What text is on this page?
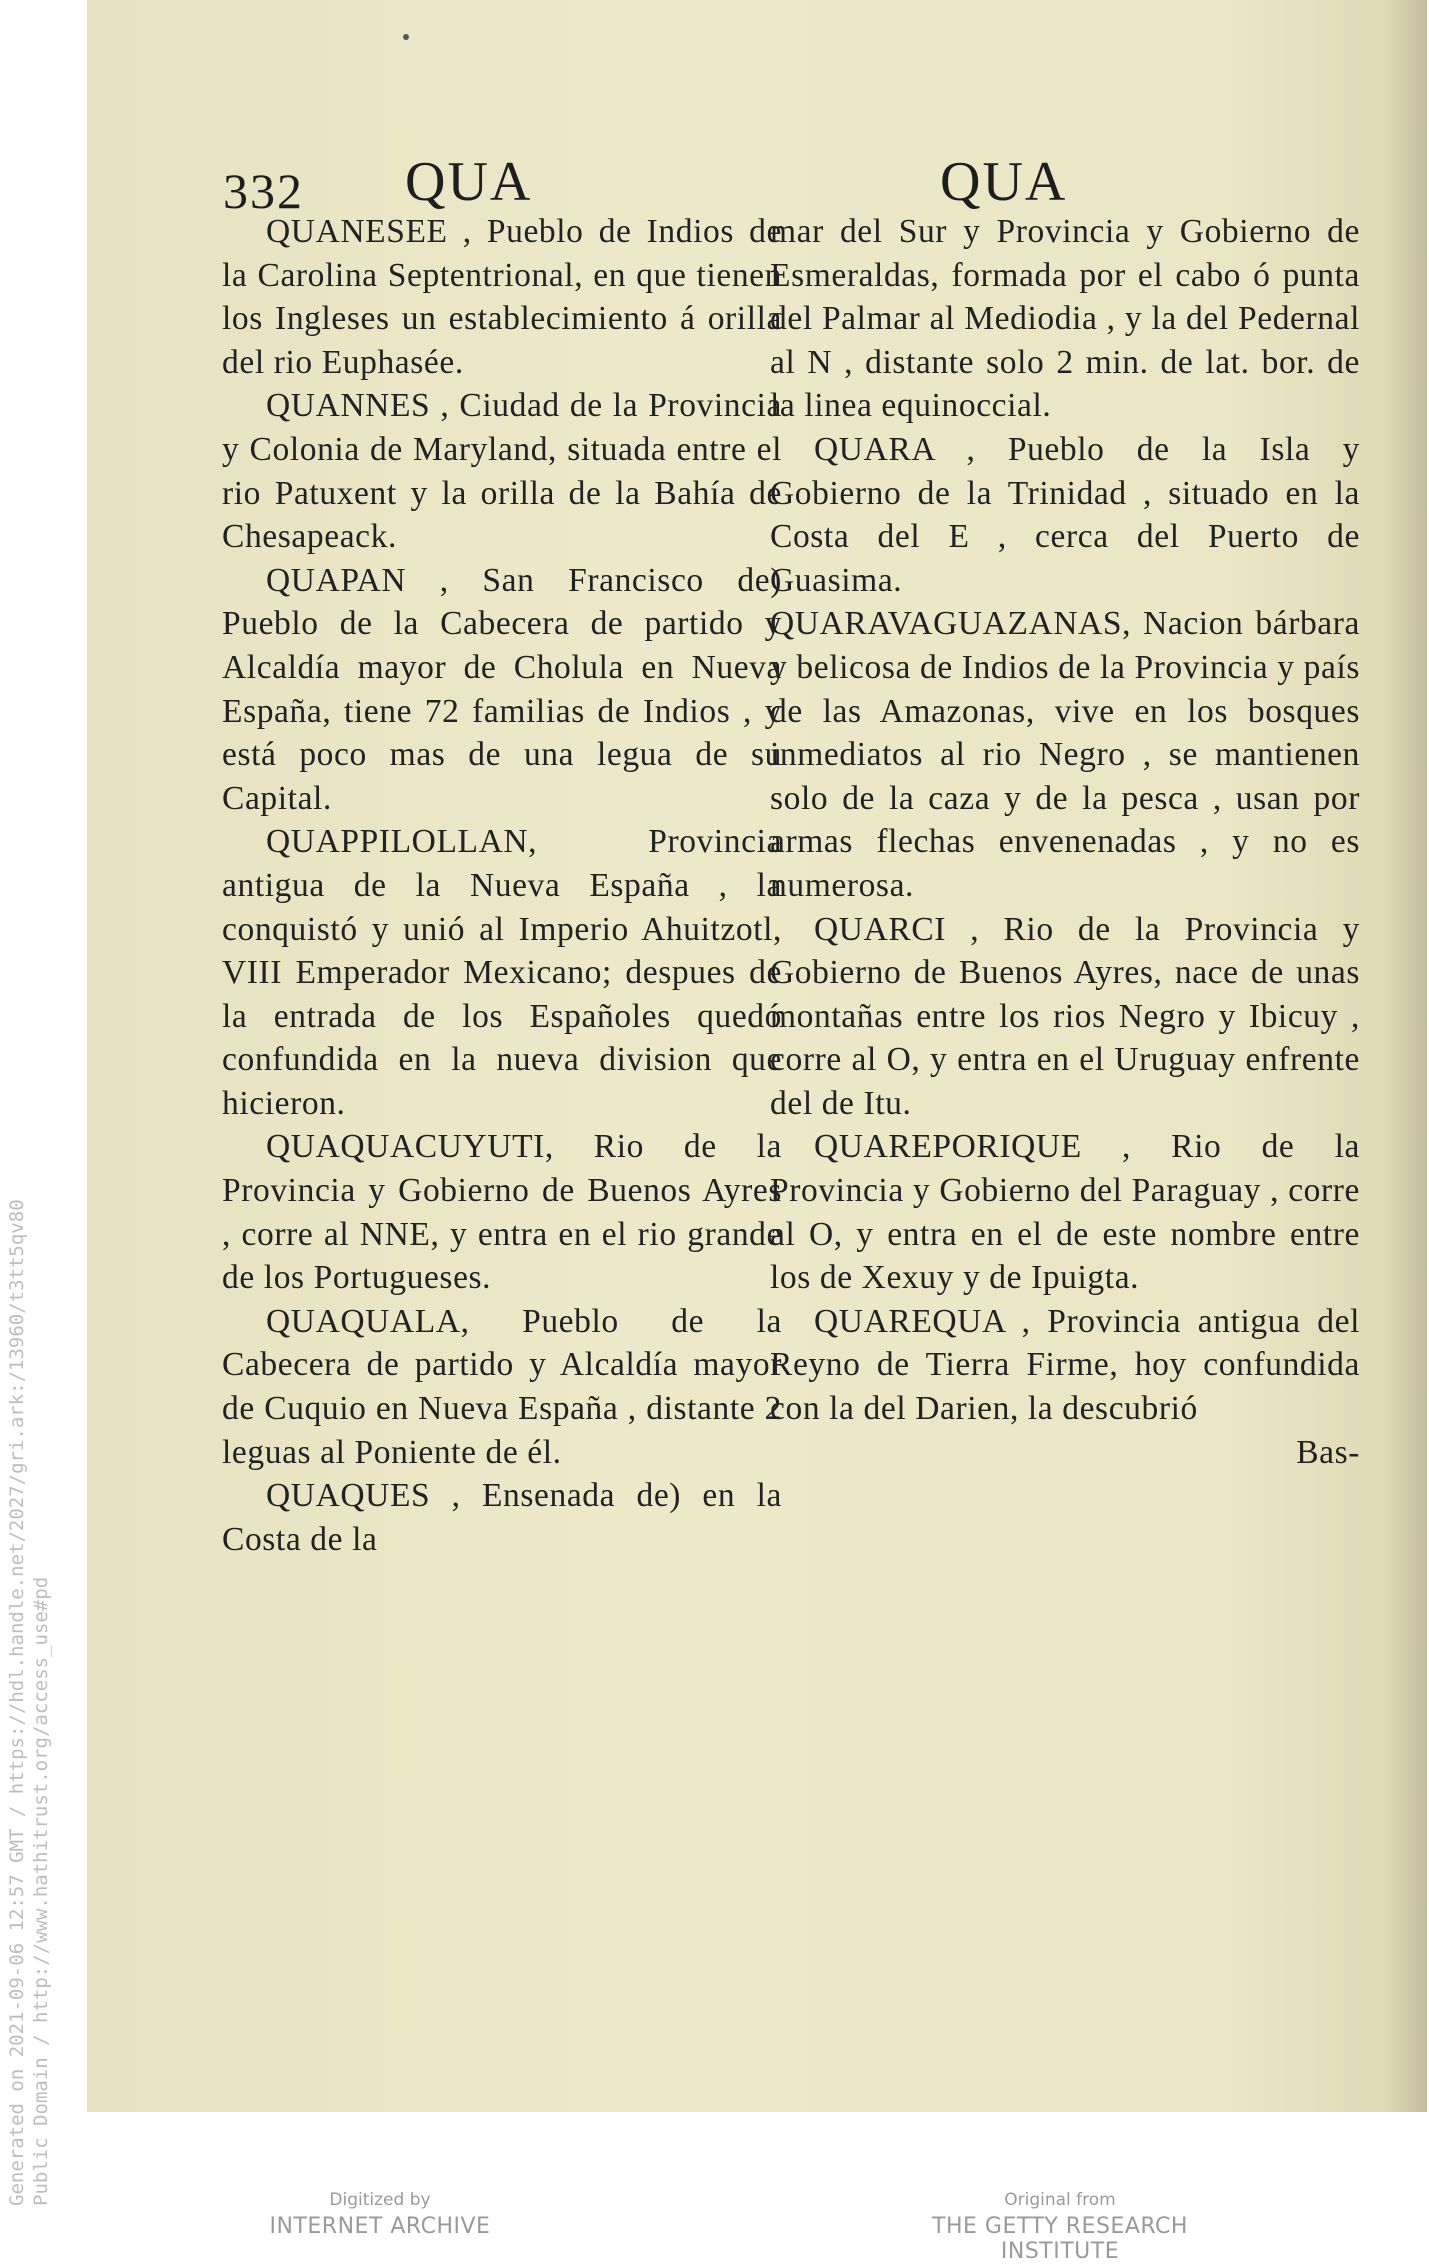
Generated on 2021-09-06 12:57 GMT / https://hdl.handle.net/2027/gri.ark:/13960/t3tt5qv80 Public Domain / http://www.hathitrust.org/access_use#pd
332 QUA	QUA

QUANESEE , Pueblo de Indios de la Carolina Septentrional, en que tienen los Ingleses un establecimiento á orilla del rio Euphasée.

QUANNES , Ciudad de la Provincia y Colonia de Maryland, situada entre el rio Patuxent y la orilla de la Bahía de Chesapeack.

QUAPAN , San Francisco de) Pueblo de la Cabecera de partido y Alcaldía mayor de Cholula en Nueva España, tiene 72 familias de Indios , y está poco mas de una legua de su Capital.

QUAPPILOLLAN, Provincia antigua de la Nueva España , la conquistó y unió al Imperio Ahuitzotl, VIII Emperador Mexicano; despues de la entrada de los Españoles quedó confundida en la nueva division que hicieron.

QUAQUACUYUTI, Rio de la Provincia y Gobierno de Buenos Ayres , corre al NNE, y entra en el rio grande de los Portugueses.

QUAQUALA, Pueblo de la Cabecera de partido y Alcaldía mayor de Cuquio en Nueva España , distante 2 leguas al Poniente de él.

QUAQUES , Ensenada de) en la Costa de la

mar del Sur y Provincia y Gobierno de Esmeraldas, formada por el cabo ó punta del Palmar al Mediodia , y la del Pedernal al N , distante solo 2 min. de lat. bor. de la linea equinoccial.

QUARA , Pueblo de la Isla y Gobierno de la Trinidad , situado en la Costa del E , cerca del Puerto de Guasima.

QUARAVAGUAZANAS, Nacion bárbara y belicosa de Indios de la Provincia y país de las Amazonas, vive en los bosques inmediatos al rio Negro , se mantienen solo de la caza y de la pesca , usan por armas flechas envenenadas , y no es numerosa.

QUARCI , Rio de la Provincia y Gobierno de Buenos Ayres, nace de unas montañas entre los rios Negro y Ibicuy , corre al O, y entra en el Uruguay enfrente del de Itu.

QUAREPORIQUE , Rio de la Provincia y Gobierno del Paraguay , corre al O, y entra en el de este nombre entre los de Xexuy y de Ipuigta.

QUAREQUA , Provincia antigua del Reyno de Tierra Firme, hoy confundida con la del Darien, la descubrió

Bas-

Digitized by
INTERNET ARCHIVE
Original from
THE GETTY RESEARCH INSTITUTE
